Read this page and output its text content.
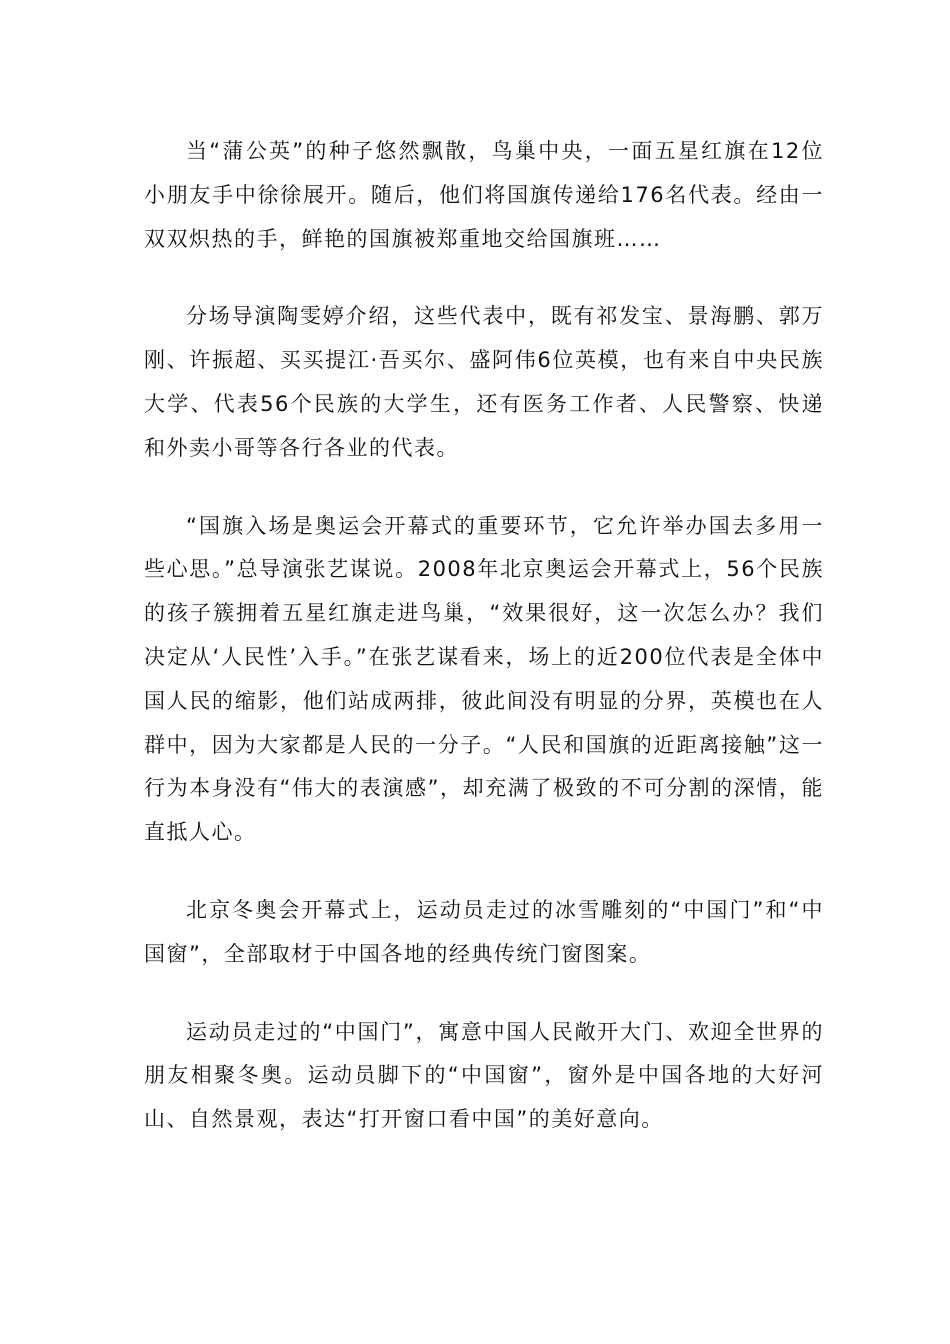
当“蒲公英”的种子悠然飘散，鸟巢中央，一面五星红旗在12位小朋友手中徐徐展开。随后，他们将国旗传递给176名代表。经由一双双炽热的手，鲜艳的国旗被郑重地交给国旗班……

分场导演陶雯婷介绍，这些代表中，既有祁发宝、景海鹏、郭万刚、许振超、买买提江·吾买尔、盛阿伟6位英模，也有来自中央民族大学、代表56个民族的大学生，还有医务工作者、人民警察、快递和外卖小哥等各行各业的代表。

“国旗入场是奥运会开幕式的重要环节，它允许举办国去多用一些心思。”总导演张艺谋说。2008年北京奥运会开幕式上，56个民族的孩子簇拥着五星红旗走进鸟巢，“效果很好，这一次怎么办？我们决定从‘人民性’入手。”在张艺谋看来，场上的近200位代表是全体中国人民的缩影，他们站成两排，彼此间没有明显的分界，英模也在人群中，因为大家都是人民的一分子。“人民和国旗的近距离接触”这一行为本身没有“伟大的表演感”，却充满了极致的不可分割的深情，能直抵人心。

北京冬奥会开幕式上，运动员走过的冰雪雕刻的“中国门”和“中国窗”，全部取材于中国各地的经典传统门窗图案。

运动员走过的“中国门”，寓意中国人民敞开大门、欢迎全世界的朋友相聚冬奥。运动员脚下的“中国窗”，窗外是中国各地的大好河山、自然景观，表达“打开窗口看中国”的美好意向。
